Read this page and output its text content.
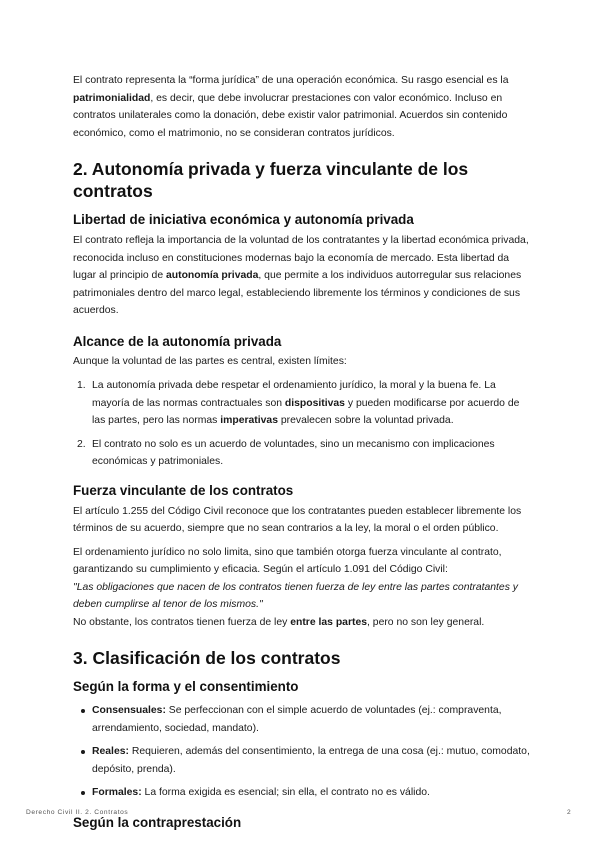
El contrato representa la “forma jurídica” de una operación económica. Su rasgo esencial es la patrimonialidad, es decir, que debe involucrar prestaciones con valor económico. Incluso en contratos unilaterales como la donación, debe existir valor patrimonial. Acuerdos sin contenido económico, como el matrimonio, no se consideran contratos jurídicos.

2. Autonomía privada y fuerza vinculante de los contratos
Libertad de iniciativa económica y autonomía privada

El contrato refleja la importancia de la voluntad de los contratantes y la libertad económica privada, reconocida incluso en constituciones modernas bajo la economía de mercado. Esta libertad da lugar al principio de autonomía privada, que permite a los individuos autorregular sus relaciones patrimoniales dentro del marco legal, estableciendo libremente los términos y condiciones de sus acuerdos.

Alcance de la autonomía privada

Aunque la voluntad de las partes es central, existen límites:

1. La autonomía privada debe respetar el ordenamiento jurídico, la moral y la buena fe. La mayoría de las normas contractuales son dispositivas y pueden modificarse por acuerdo de las partes, pero las normas imperativas prevalecen sobre la voluntad privada.
2. El contrato no solo es un acuerdo de voluntades, sino un mecanismo con implicaciones económicas y patrimoniales.
Fuerza vinculante de los contratos

El artículo 1.255 del Código Civil reconoce que los contratantes pueden establecer libremente los términos de su acuerdo, siempre que no sean contrarios a la ley, la moral o el orden público.

El ordenamiento jurídico no solo limita, sino que también otorga fuerza vinculante al contrato, garantizando su cumplimiento y eficacia. Según el artículo 1.091 del Código Civil:
"Las obligaciones que nacen de los contratos tienen fuerza de ley entre las partes contratantes y deben cumplirse al tenor de los mismos."
No obstante, los contratos tienen fuerza de ley entre las partes, pero no son ley general.

3. Clasificación de los contratos
Según la forma y el consentimiento
Consensuales: Se perfeccionan con el simple acuerdo de voluntades (ej.: compraventa, arrendamiento, sociedad, mandato).
Reales: Requieren, además del consentimiento, la entrega de una cosa (ej.: mutuo, comodato, depósito, prenda).
Formales: La forma exigida es esencial; sin ella, el contrato no es válido.
Según la contraprestación
Derecho Civil II. 2. Contratos	2
